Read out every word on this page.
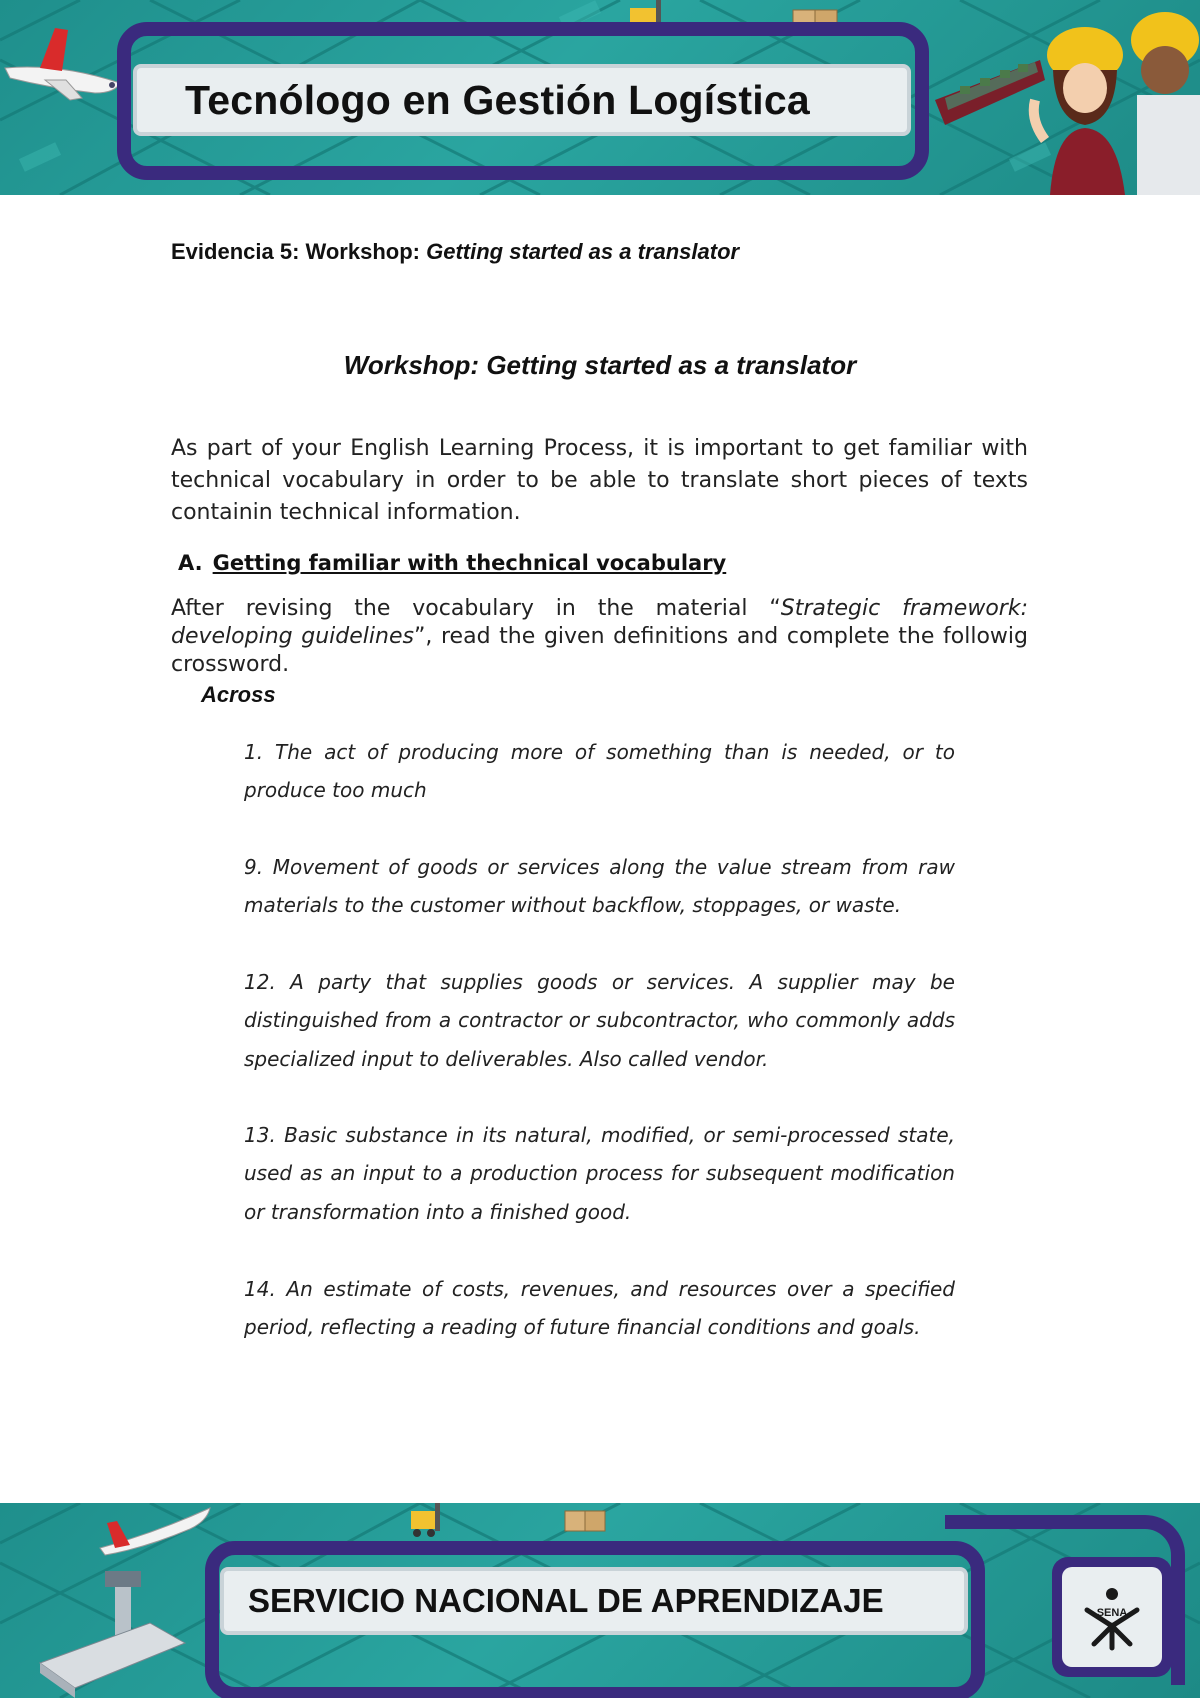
Tecnólogo en Gestión Logística
Evidencia 5: Workshop: Getting started as a translator
Workshop: Getting started as a translator

As part of your English Learning Process, it is important to get familiar with technical vocabulary in order to be able to translate short pieces of texts containin technical information.

A. Getting familiar with thechnical vocabulary

After revising the vocabulary in the material “Strategic framework: developing guidelines”, read the given definitions and complete the followig crossword.

Across

1. The act of producing more of something than is needed, or to produce too much

9. Movement of goods or services along the value stream from raw materials to the customer without backflow, stoppages, or waste.

12. A party that supplies goods or services. A supplier may be distinguished from a contractor or subcontractor, who commonly adds specialized input to deliverables. Also called vendor.

13. Basic substance in its natural, modified, or semi-processed state, used as an input to a production process for subsequent modification or transformation into a finished good.

14. An estimate of costs, revenues, and resources over a specified period, reflecting a reading of future financial conditions and goals.

SERVICIO NACIONAL DE APRENDIZAJE	SENA
